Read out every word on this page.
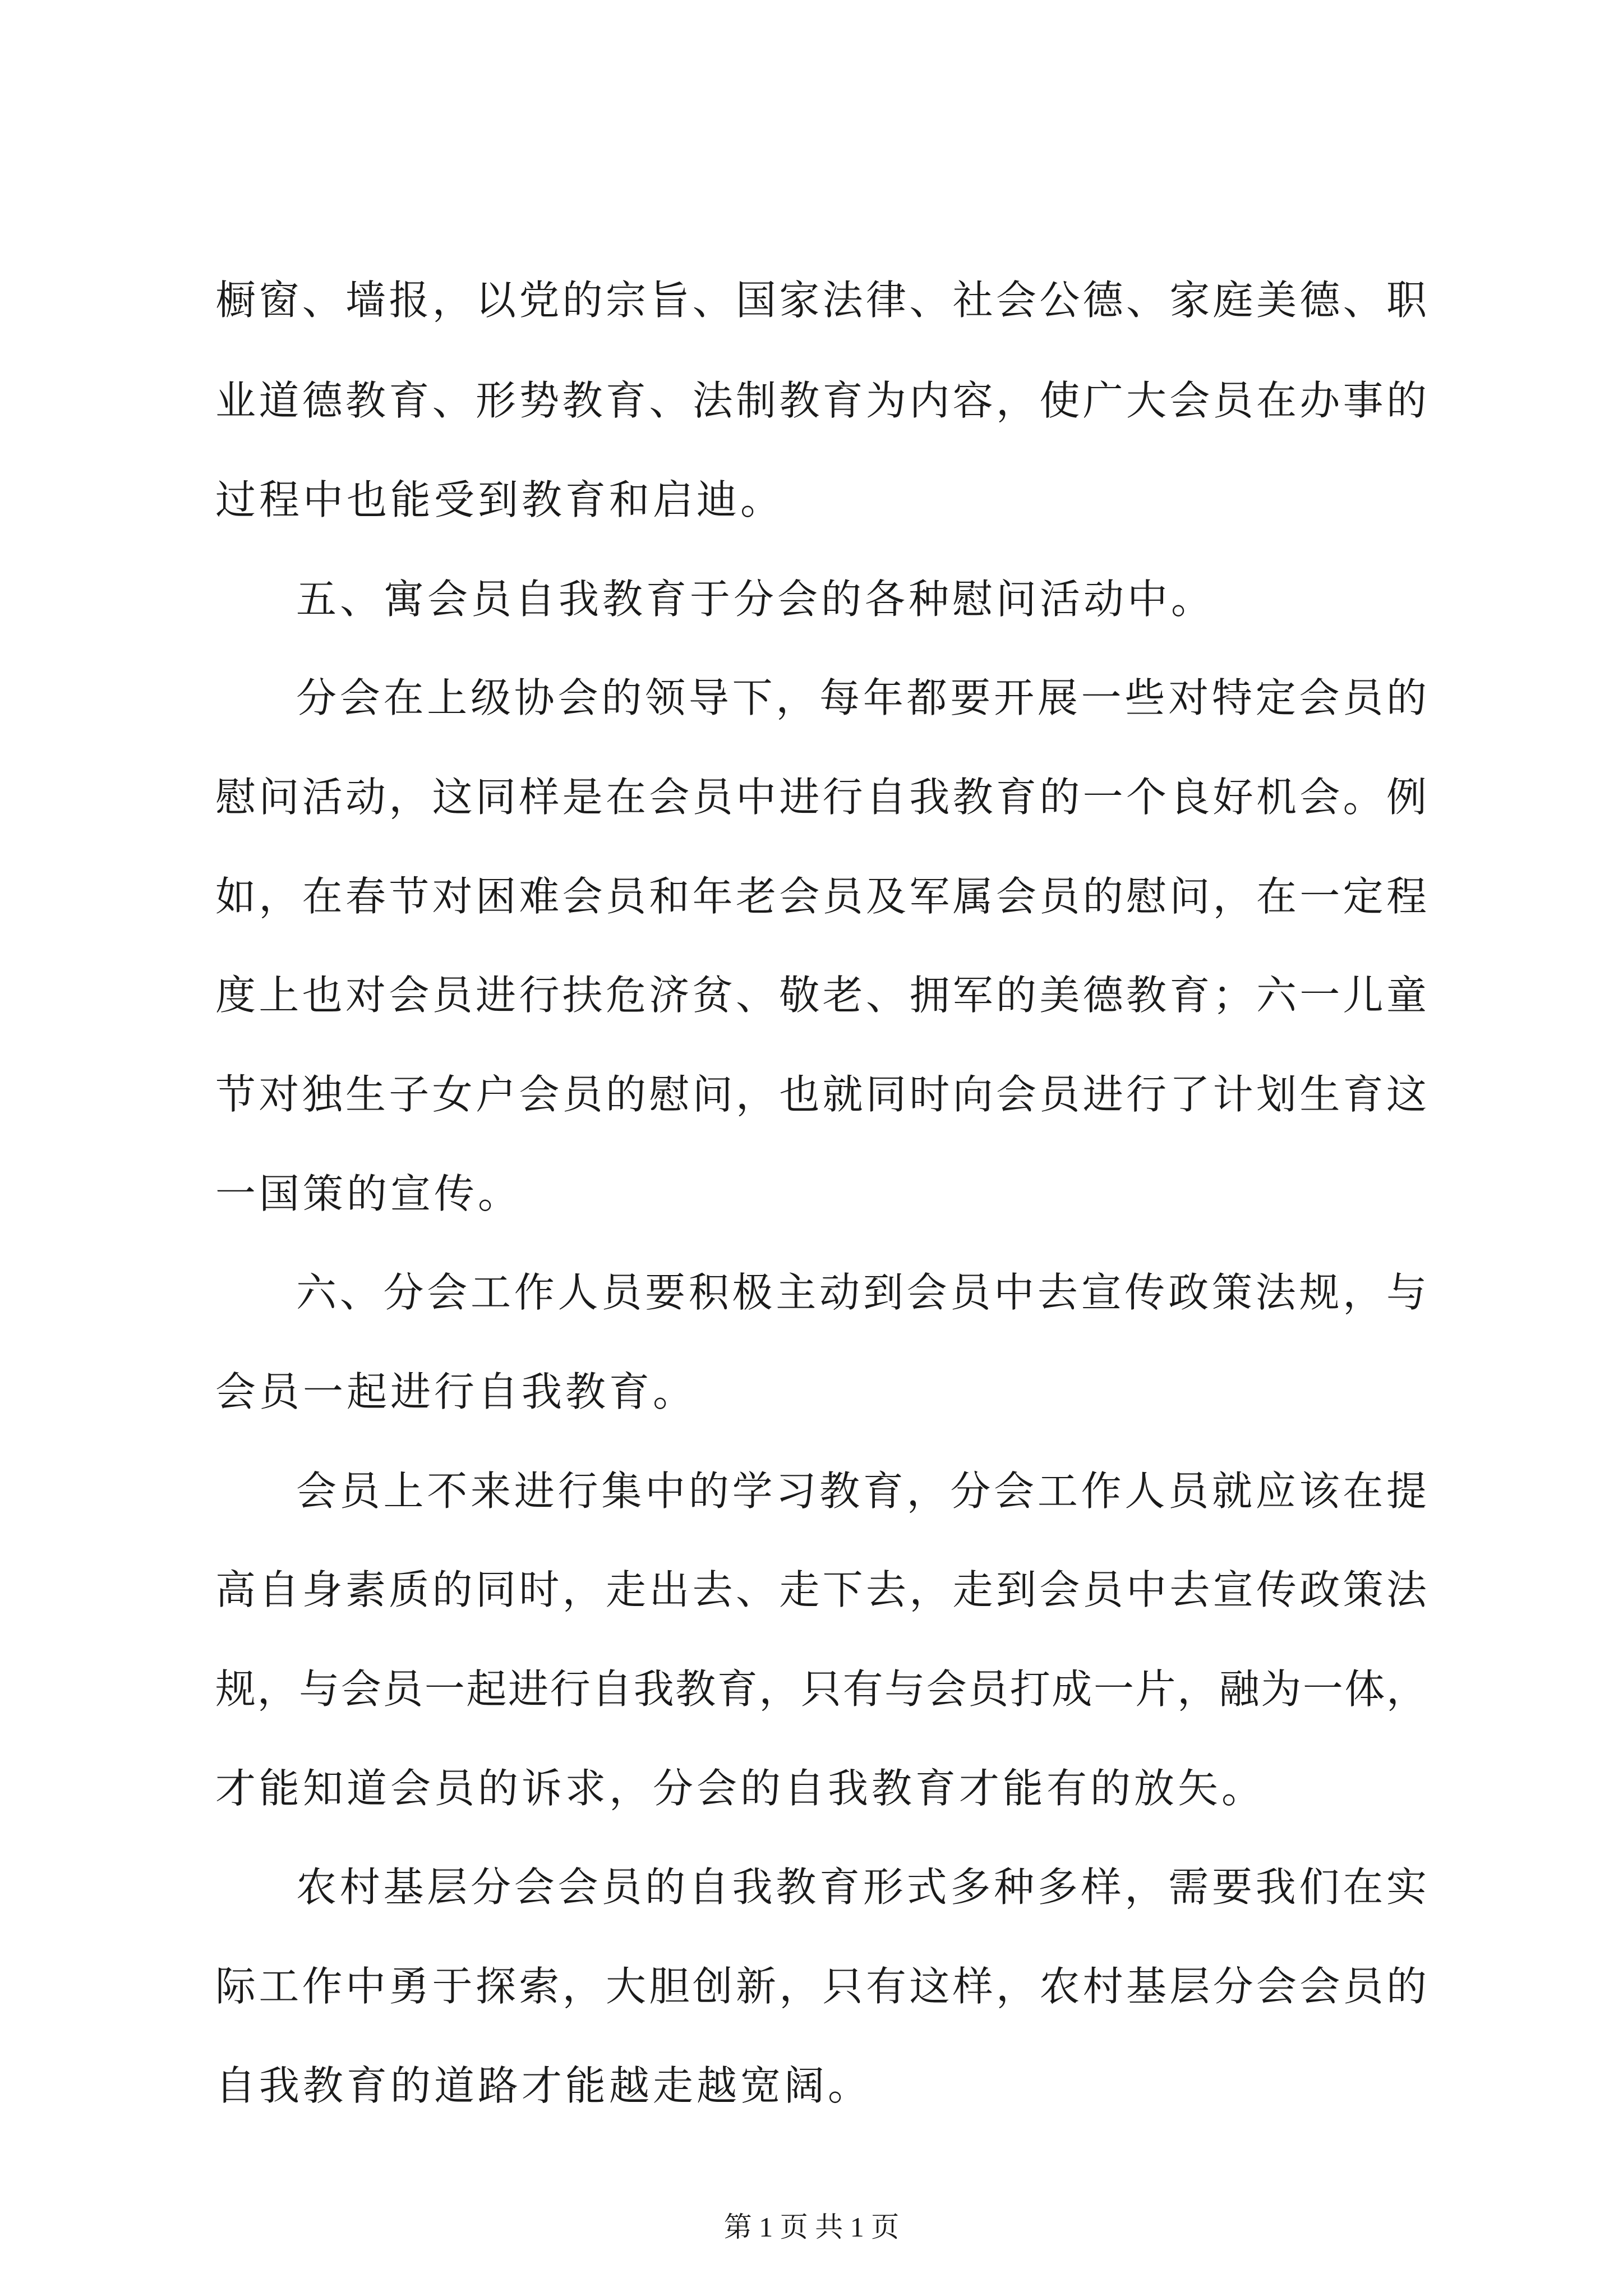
橱窗、墙报，以党的宗旨、国家法律、社会公德、家庭美德、职
业道德教育、形势教育、法制教育为内容，使广大会员在办事的
过程中也能受到教育和启迪。
五、寓会员自我教育于分会的各种慰问活动中。
分会在上级协会的领导下，每年都要开展一些对特定会员的
慰问活动，这同样是在会员中进行自我教育的一个良好机会。例
如，在春节对困难会员和年老会员及军属会员的慰问，在一定程
度上也对会员进行扶危济贫、敬老、拥军的美德教育；六一儿童
节对独生子女户会员的慰问，也就同时向会员进行了计划生育这
一国策的宣传。
六、分会工作人员要积极主动到会员中去宣传政策法规，与
会员一起进行自我教育。
会员上不来进行集中的学习教育，分会工作人员就应该在提
高自身素质的同时，走出去、走下去，走到会员中去宣传政策法
规，与会员一起进行自我教育，只有与会员打成一片，融为一体，
才能知道会员的诉求，分会的自我教育才能有的放矢。
农村基层分会会员的自我教育形式多种多样，需要我们在实
际工作中勇于探索，大胆创新，只有这样，农村基层分会会员的
自我教育的道路才能越走越宽阔。
第 1 页 共 1 页
